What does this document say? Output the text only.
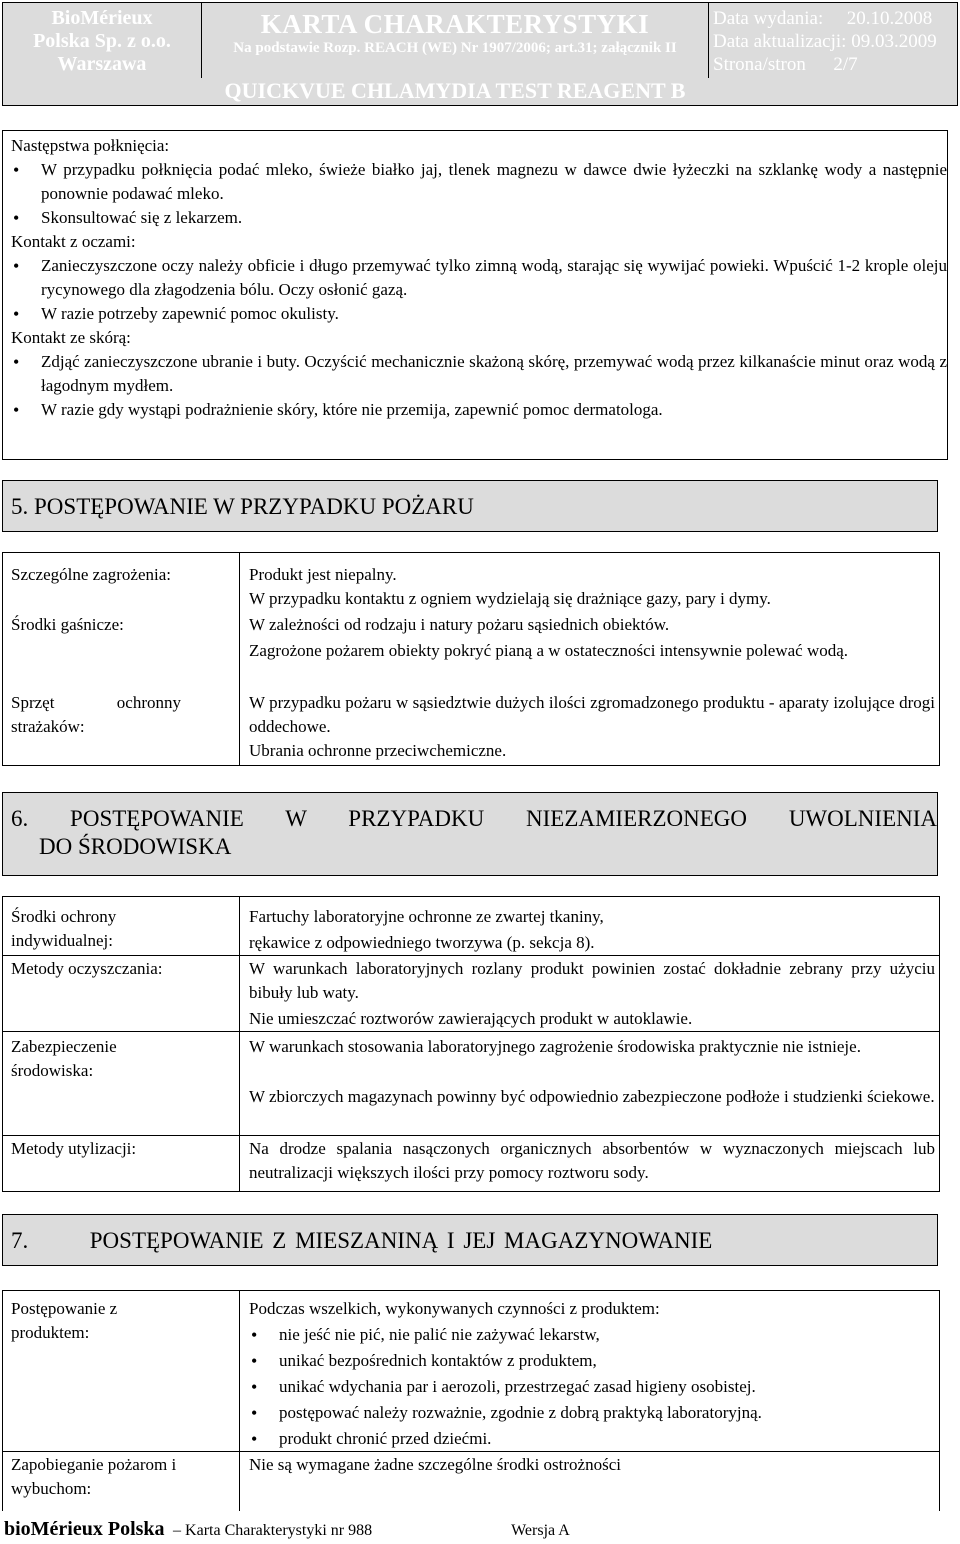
BioMérieux
Polska Sp. z o.o.
Warszawa
KARTA CHARAKTERYSTYKI
Na podstawie Rozp. REACH (WE) Nr 1907/2006; art.31; załącznik II
Data wydania: 20.10.2008
Data aktualizacji: 09.03.2009
Strona/stron 2/7
QUICKVUE CHLAMYDIA TEST REAGENT B
Następstwa połknięcia:
• W przypadku połknięcia podać mleko, świeże białko jaj, tlenek magnezu w dawce dwie łyżeczki na szklankę wody a następnie ponownie podawać mleko.
• Skonsultować się z lekarzem.
Kontakt z oczami:
• Zanieczyszczone oczy należy obficie i długo przemywać tylko zimną wodą, starając się wywijać powieki. Wpuścić 1-2 krople oleju rycynowego dla złagodzenia bólu. Oczy osłonić gazą.
• W razie potrzeby zapewnić pomoc okulisty.
Kontakt ze skórą:
• Zdjąć zanieczyszczone ubranie i buty. Oczyścić mechanicznie skażoną skórę, przemywać wodą przez kilkanaście minut oraz wodą z łagodnym mydłem.
• W razie gdy wystąpi podrażnienie skóry, które nie przemija, zapewnić pomoc dermatologa.
5. POSTĘPOWANIE W PRZYPADKU POŻARU
Szczególne zagrożenia:	Produkt jest niepalny.
W przypadku kontaktu z ogniem wydzielają się drażniące gazy, pary i dymy.
Środki gaśnicze:	W zależności od rodzaju i natury pożaru sąsiednich obiektów.
Zagrożone pożarem obiekty pokryć pianą a w ostateczności intensywnie polewać wodą.
Sprzęt ochronny
strażaków:
W przypadku pożaru w sąsiedztwie dużych ilości zgromadzonego produktu - aparaty izolujące drogi oddechowe.
Ubrania ochronne przeciwchemiczne.
6. POSTĘPOWANIE W PRZYPADKU NIEZAMIERZONEGO UWOLNIENIA
DO ŚRODOWISKA
Środki ochrony indywidualnej:
Fartuchy laboratoryjne ochronne ze zwartej tkaniny,
rękawice z odpowiedniego tworzywa (p. sekcja 8).
Metody oczyszczania:	W warunkach laboratoryjnych rozlany produkt powinien zostać dokładnie zebrany przy użyciu bibuły lub waty.
Nie umieszczać roztworów zawierających produkt w autoklawie.
Zabezpieczenie środowiska:
W warunkach stosowania laboratoryjnego zagrożenie środowiska praktycznie nie istnieje.
W zbiorczych magazynach powinny być odpowiednio zabezpieczone podłoże i studzienki ściekowe.
Metody utylizacji:	Na drodze spalania nasączonych organicznych absorbentów w wyznaczonych miejscach lub neutralizacji większych ilości przy pomocy roztworu sody.
7.	POSTĘPOWANIE Z MIESZANINĄ I JEJ MAGAZYNOWANIE
Postępowanie z produktem:
Podczas wszelkich, wykonywanych czynności z produktem:
• nie jeść nie pić, nie palić nie zażywać lekarstw,
• unikać bezpośrednich kontaktów z produktem,
• unikać wdychania par i aerozoli, przestrzegać zasad higieny osobistej.
• postępować należy rozważnie, zgodnie z dobrą praktyką laboratoryjną.
• produkt chronić przed dziećmi.
Zapobieganie pożarom i wybuchom:
Nie są wymagane żadne szczególne środki ostrożności
bioMérieux Polska  – Karta Charakterystyki nr 988	Wersja A
